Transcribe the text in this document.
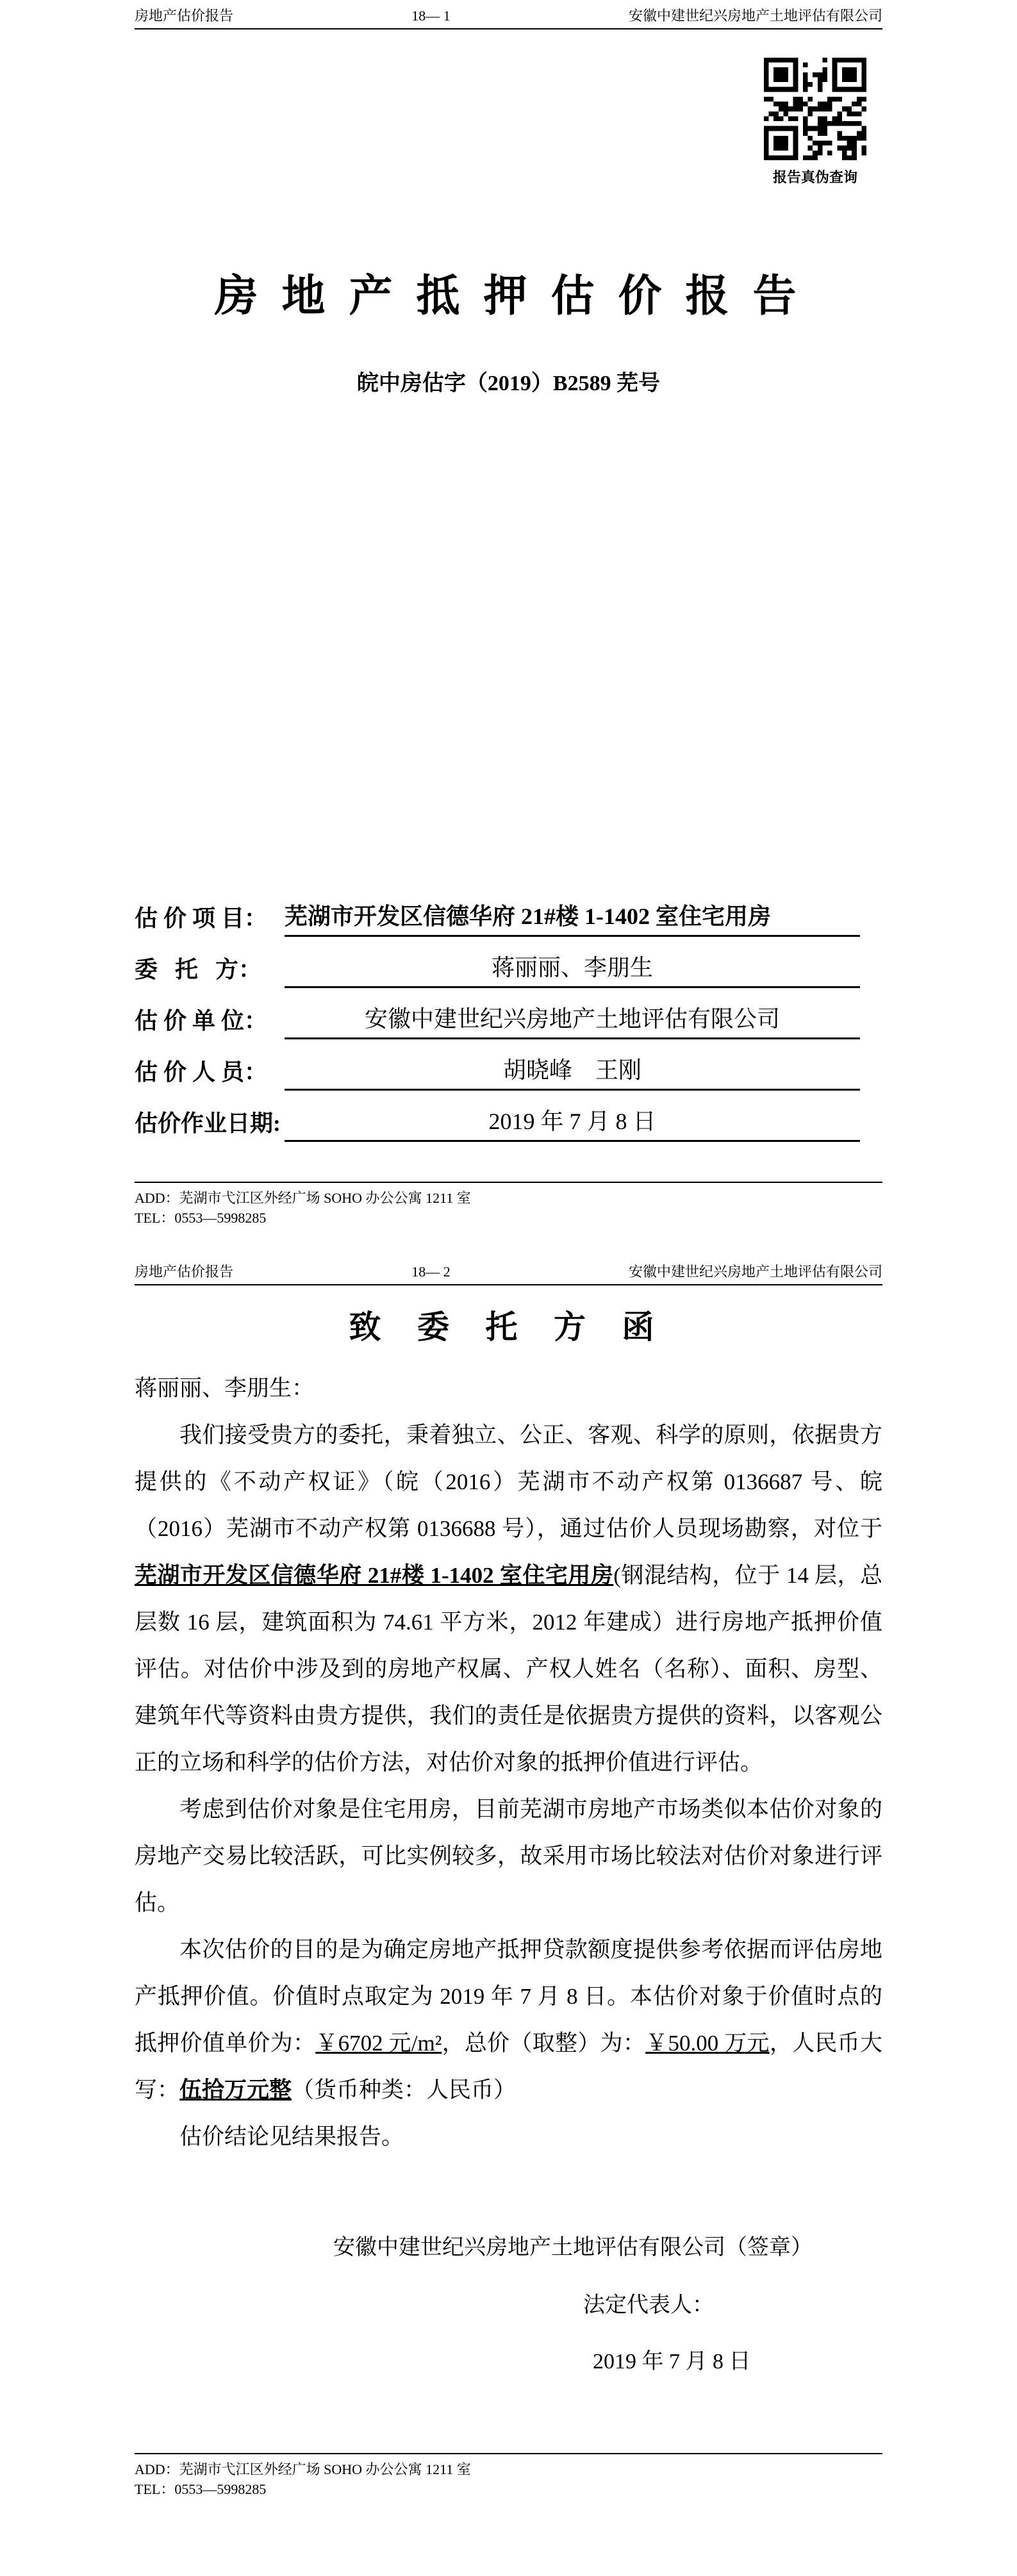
房地产估价报告	18— 1	安徽中建世纪兴房地产土地评估有限公司
报告真伪查询
房 地 产 抵 押 估 价 报 告
皖中房估字（2019）B2589 芜号
估 价 项 目： 芜湖市开发区信德华府 21#楼 1-1402 室住宅用房
委   托   方：	蒋丽丽、李朋生
估 价 单 位：	安徽中建世纪兴房地产土地评估有限公司
估 价 人 员：	胡晓峰    王刚
估价作业日期:	2019 年 7 月 8 日
ADD：芜湖市弋江区外经广场 SOHO 办公公寓 1211 室
TEL：0553—5998285
房地产估价报告	18— 2	安徽中建世纪兴房地产土地评估有限公司
致 委 托 方 函
蒋丽丽、李朋生：

我们接受贵方的委托，秉着独立、公正、客观、科学的原则，依据贵方提供的《不动产权证》（皖（2016）芜湖市不动产权第 0136687 号、皖（2016）芜湖市不动产权第 0136688 号），通过估价人员现场勘察，对位于芜湖市开发区信德华府 21#楼 1-1402 室住宅用房(钢混结构，位于 14 层，总层数 16 层，建筑面积为 74.61 平方米，2012 年建成）进行房地产抵押价值评估。对估价中涉及到的房地产权属、产权人姓名（名称）、面积、房型、建筑年代等资料由贵方提供，我们的责任是依据贵方提供的资料，以客观公正的立场和科学的估价方法，对估价对象的抵押价值进行评估。

考虑到估价对象是住宅用房，目前芜湖市房地产市场类似本估价对象的房地产交易比较活跃，可比实例较多，故采用市场比较法对估价对象进行评估。

本次估价的目的是为确定房地产抵押贷款额度提供参考依据而评估房地产抵押价值。价值时点取定为 2019 年 7 月 8 日。本估价对象于价值时点的抵押价值单价为：￥6702 元/m²，总价（取整）为：￥50.00 万元，人民币大写：伍拾万元整（货币种类：人民币）

估价结论见结果报告。

安徽中建世纪兴房地产土地评估有限公司（签章）
法定代表人：
2019 年 7 月 8 日
ADD：芜湖市弋江区外经广场 SOHO 办公公寓 1211 室
TEL：0553—5998285
